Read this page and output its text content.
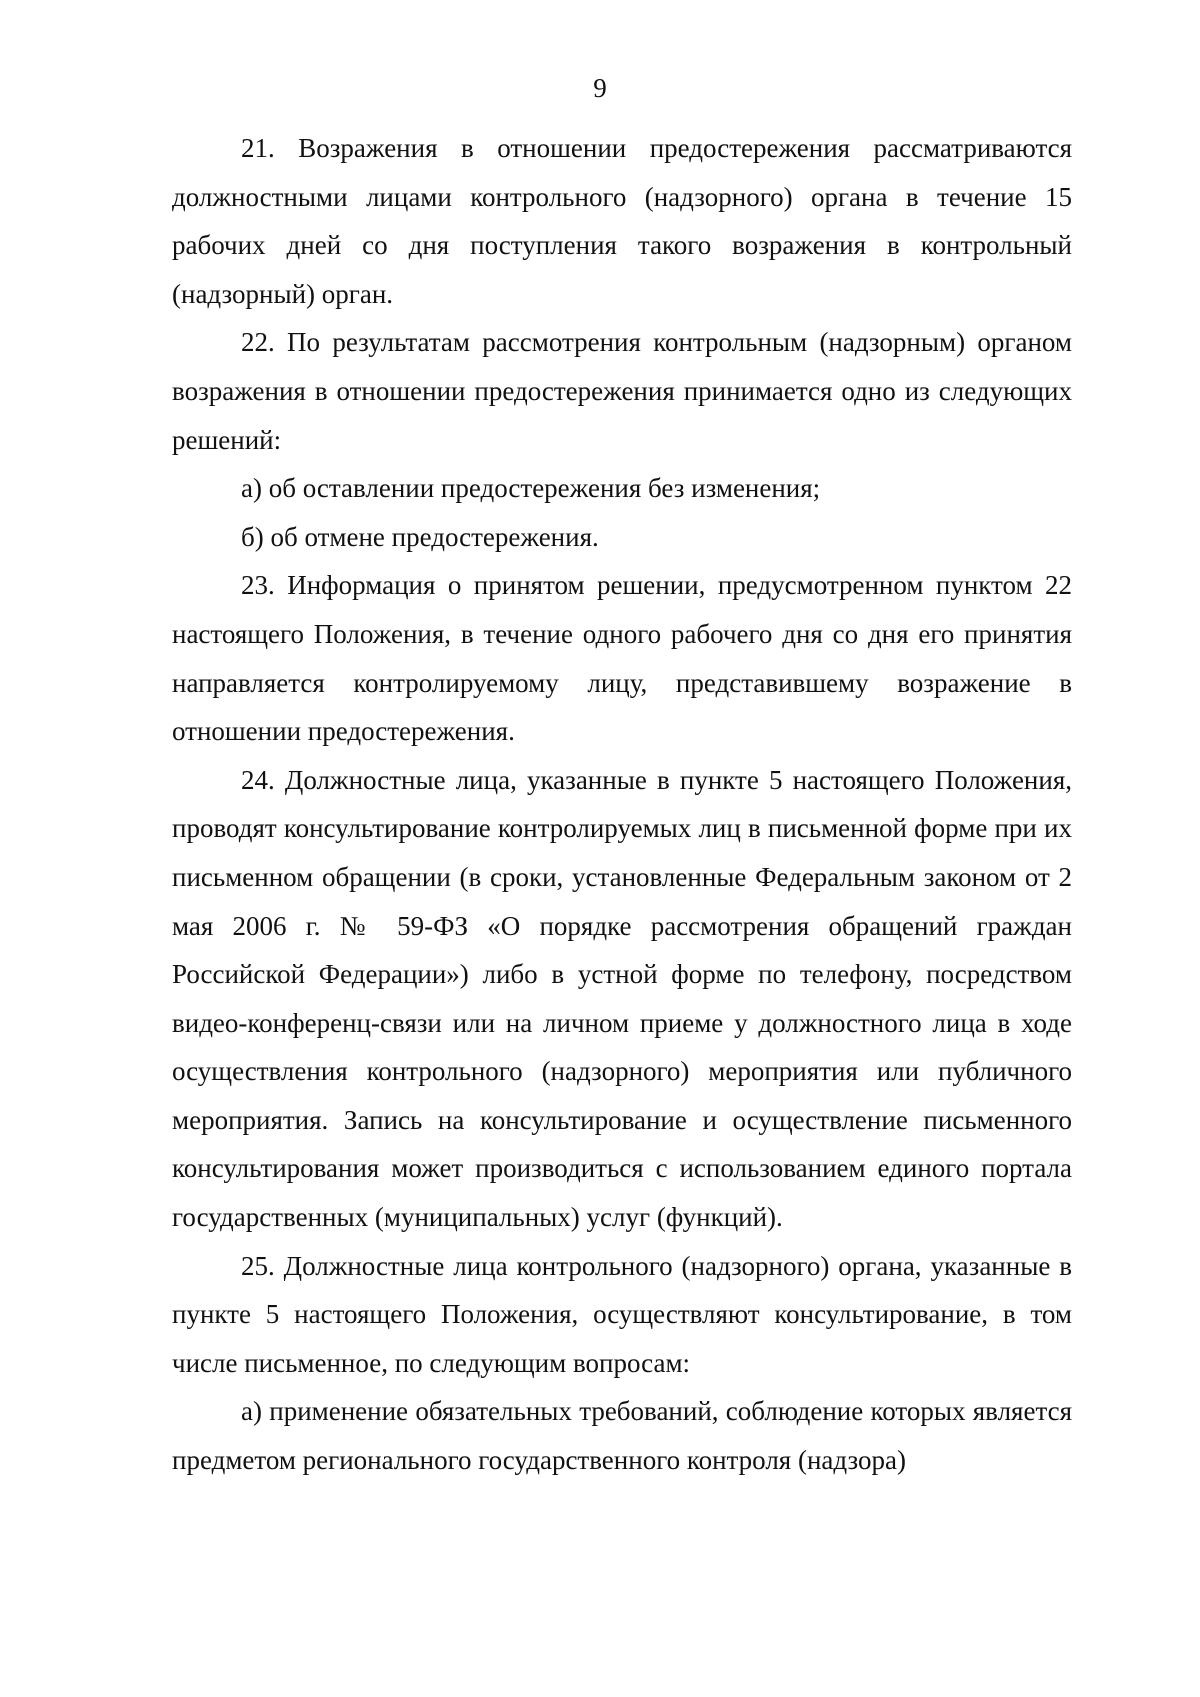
9

21. Возражения в отношении предостережения рассматриваются должностными лицами контрольного (надзорного) органа в течение 15 рабочих дней со дня поступления такого возражения в контрольный (надзорный) орган.

22. По результатам рассмотрения контрольным (надзорным) органом возражения в отношении предостережения принимается одно из следующих решений:

а) об оставлении предостережения без изменения;

б) об отмене предостережения.

23. Информация о принятом решении, предусмотренном пунктом 22 настоящего Положения, в течение одного рабочего дня со дня его принятия направляется контролируемому лицу, представившему возражение в отношении предостережения.

24. Должностные лица, указанные в пункте 5 настоящего Положения, проводят консультирование контролируемых лиц в письменной форме при их письменном обращении (в сроки, установленные Федеральным законом от 2 мая 2006 г. № 59-ФЗ «О порядке рассмотрения обращений граждан Российской Федерации») либо в устной форме по телефону, посредством видео-конференц-связи или на личном приеме у должностного лица в ходе осуществления контрольного (надзорного) мероприятия или публичного мероприятия. Запись на консультирование и осуществление письменного консультирования может производиться с использованием единого портала государственных (муниципальных) услуг (функций).

25. Должностные лица контрольного (надзорного) органа, указанные в пункте 5 настоящего Положения, осуществляют консультирование, в том числе письменное, по следующим вопросам:

а) применение обязательных требований, соблюдение которых является предметом регионального государственного контроля (надзора)
